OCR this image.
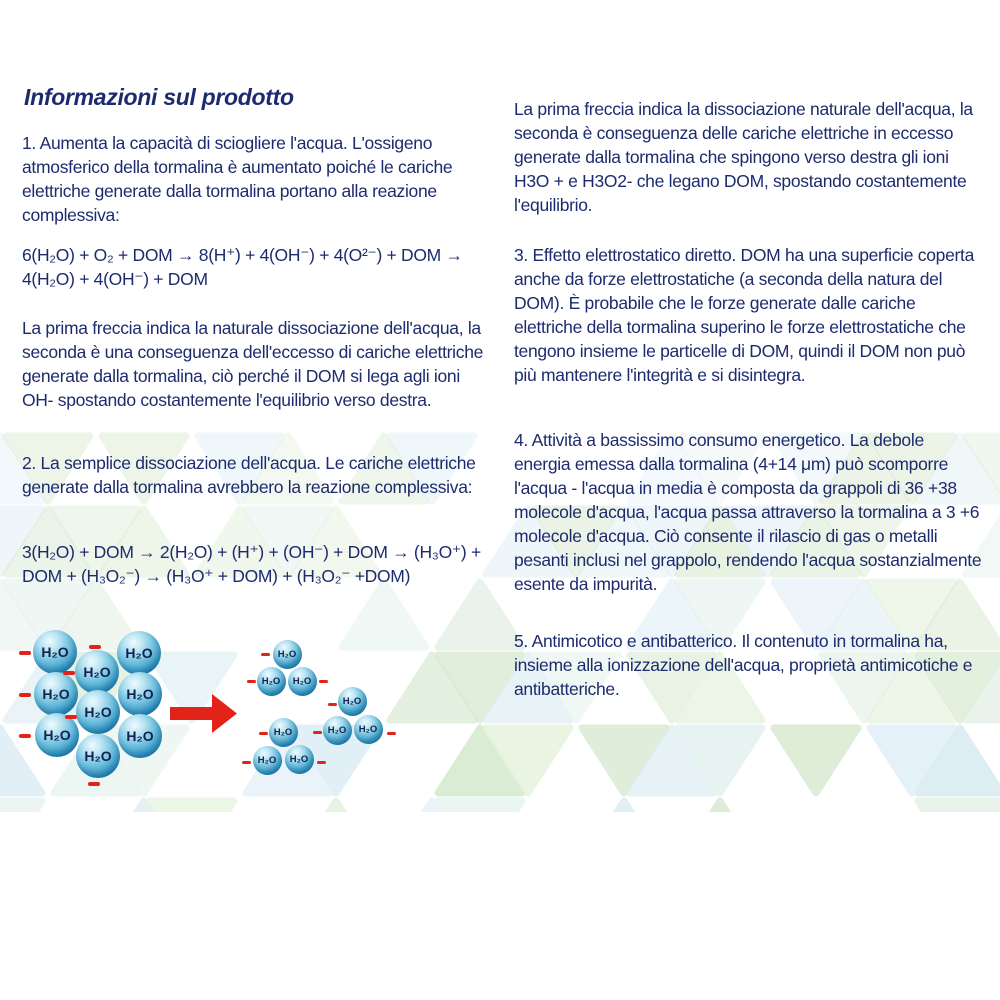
Informazioni sul prodotto

1. Aumenta la capacità di sciogliere l'acqua. L'ossigeno atmosferico della tormalina è aumentato poiché le cariche elettriche generate dalla tormalina portano alla reazione complessiva:

6(H₂O) + O₂ + DOM → 8(H⁺) + 4(OH⁻) + 4(O²⁻) + DOM → 4(H₂O) + 4(OH⁻) + DOM

La prima freccia indica la naturale dissociazione dell'acqua, la seconda è una conseguenza dell'eccesso di cariche elettriche generate dalla tormalina, ciò perché il DOM si lega agli ioni OH- spostando costantemente l'equilibrio verso destra.

2. La semplice dissociazione dell'acqua. Le cariche elettriche generate dalla tormalina avrebbero la reazione complessiva:

3(H₂O) + DOM → 2(H₂O) + (H⁺) + (OH⁻) + DOM → (H₃O⁺) + DOM + (H₃O₂⁻) → (H₃O⁺ + DOM) + (H₃O₂⁻ +DOM)

La prima freccia indica la dissociazione naturale dell'acqua, la seconda è conseguenza delle cariche elettriche in eccesso generate dalla tormalina che spingono verso destra gli ioni H3O + e H3O2- che legano DOM, spostando costantemente l'equilibrio.

3. Effetto elettrostatico diretto. DOM ha una superficie coperta anche da forze elettrostatiche (a seconda della natura del DOM). È probabile che le forze generate dalle cariche elettriche della tormalina superino le forze elettrostatiche che tengono insieme le particelle di DOM, quindi il DOM non può più mantenere l'integrità e si disintegra.

4. Attività a bassissimo consumo energetico. La debole energia emessa dalla tormalina (4+14 μm) può scomporre l'acqua - l'acqua in media è composta da grappoli di 36 +38 molecole d'acqua, l'acqua passa attraverso la tormalina a 3 +6 molecole d'acqua. Ciò consente il rilascio di gas o metalli pesanti inclusi nel grappolo, rendendo l'acqua sostanzialmente esente da impurità.

5. Antimicotico e antibatterico. Il contenuto in tormalina ha, insieme alla ionizzazione dell'acqua, proprietà antimicotiche e antibatteriche.

H₂O
H₂O
H₂O
H₂O
H₂O
H₂O
H₂O
H₂O
H₂O
H₂O
H₂O	H₂O
H₂O
H₂O	H₂O
H₂O
H₂O	H₂O
